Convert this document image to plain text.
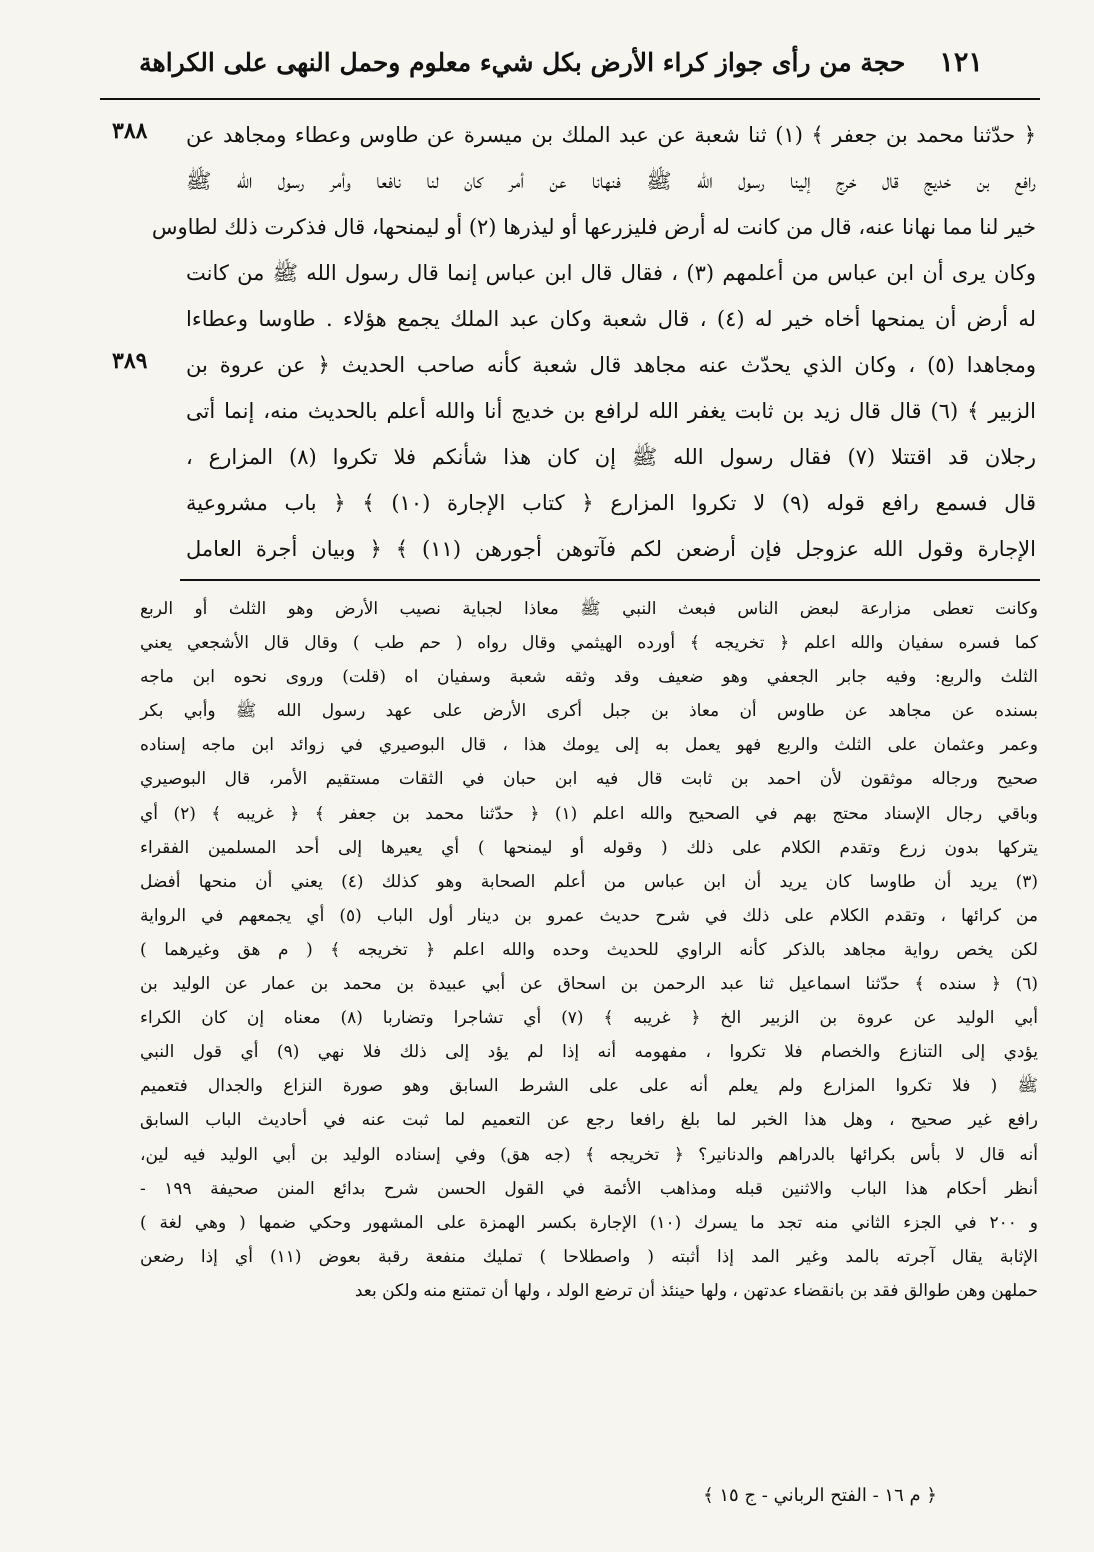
١٢١
حجة من رأى جواز كراء الأرض بكل شيء معلوم وحمل النهى على الكراهة
٣٨٨
٣٨٩
﴿ حدّثنا محمد بن جعفر ﴾ (١) ثنا شعبة عن عبد الملك بن ميسرة عن طاوس وعطاء ومجاهد عن
رافع بن خديج قال خرج إلينا رسول الله ﷺ فنهانا عن أمر كان لنا نافعا وأمر رسول الله ﷺ
خير لنا مما نهانا عنه، قال من كانت له أرض فليزرعها أو ليذرها (٢) أو ليمنحها، قال فذكرت ذلك لطاوس
وكان يرى أن ابن عباس من أعلمهم (٣) ، فقال قال ابن عباس إنما قال رسول الله ﷺ من كانت
له أرض أن يمنحها أخاه خير له (٤) ، قال شعبة وكان عبد الملك يجمع هؤلاء . طاوسا وعطاءا
ومجاهدا (٥) ، وكان الذي يحدّث عنه مجاهد قال شعبة كأنه صاحب الحديث ﴿ عن عروة بن
الزبير ﴾ (٦) قال قال زيد بن ثابت يغفر الله لرافع بن خديج أنا والله أعلم بالحديث منه، إنما أتى
رجلان قد اقتتلا (٧) فقال رسول الله ﷺ إن كان هذا شأنكم فلا تكروا (٨) المزارع ،
قال فسمع رافع قوله (٩) لا تكروا المزارع ﴿ كتاب الإجارة (١٠) ﴾ ﴿ باب مشروعية
الإجارة وقول الله عزوجل فإن أرضعن لكم فآتوهن أجورهن (١١) ﴾ ﴿ وبيان أجرة العامل
وكانت تعطى مزارعة لبعض الناس فبعث النبي ﷺ معاذا لجباية نصيب الأرض وهو الثلث أو الربع
كما فسره سفيان والله اعلم ﴿ تخريجه ﴾ أورده الهيثمي وقال رواه ( حم طب ) وقال قال الأشجعي يعني
الثلث والربع: وفيه جابر الجعفي وهو ضعيف وقد وثقه شعبة وسفيان اه (قلت) وروى نحوه ابن ماجه
بسنده عن مجاهد عن طاوس أن معاذ بن جبل أكرى الأرض على عهد رسول الله ﷺ وأبي بكر
وعمر وعثمان على الثلث والربع فهو يعمل به إلى يومك هذا ، قال البوصيري في زوائد ابن ماجه إسناده
صحيح ورجاله موثقون لأن احمد بن ثابت قال فيه ابن حبان في الثقات مستقيم الأمر، قال البوصيري
وباقي رجال الإسناد محتج بهم في الصحيح والله اعلم (١) ﴿ حدّثنا محمد بن جعفر ﴾ ﴿ غريبه ﴾ (٢) أي
يتركها بدون زرع وتقدم الكلام على ذلك ( وقوله أو ليمنحها ) أي يعيرها إلى أحد المسلمين الفقراء
(٣) يريد أن طاوسا كان يريد أن ابن عباس من أعلم الصحابة وهو كذلك (٤) يعني أن منحها أفضل
من كرائها ، وتقدم الكلام على ذلك في شرح حديث عمرو بن دينار أول الباب (٥) أي يجمعهم في الرواية
لكن يخص رواية مجاهد بالذكر كأنه الراوي للحديث وحده والله اعلم ﴿ تخريجه ﴾ ( م هق وغيرهما )
(٦) ﴿ سنده ﴾ حدّثنا اسماعيل ثنا عبد الرحمن بن اسحاق عن أبي عبيدة بن محمد بن عمار عن الوليد بن
أبي الوليد عن عروة بن الزبير الخ ﴿ غريبه ﴾ (٧) أي تشاجرا وتضاربا (٨) معناه إن كان الكراء
يؤدي إلى التنازع والخصام فلا تكروا ، مفهومه أنه إذا لم يؤد إلى ذلك فلا نهي (٩) أي قول النبي
ﷺ ( فلا تكروا المزارع ولم يعلم أنه على على الشرط السابق وهو صورة النزاع والجدال فتعميم
رافع غير صحيح ، وهل هذا الخبر لما بلغ رافعا رجع عن التعميم لما ثبت عنه في أحاديث الباب السابق
أنه قال لا بأس بكرائها بالدراهم والدنانير؟ ﴿ تخريجه ﴾ (جه هق) وفي إسناده الوليد بن أبي الوليد فيه لين،
أنظر أحكام هذا الباب والاثنين قبله ومذاهب الأئمة في القول الحسن شرح بدائع المنن صحيفة ١٩٩ -
و ٢٠٠ في الجزء الثاني منه تجد ما يسرك (١٠) الإجارة بكسر الهمزة على المشهور وحكي ضمها ( وهي لغة )
الإثابة يقال آجرته بالمد وغير المد إذا أثبته ( واصطلاحا ) تمليك منفعة رقبة بعوض (١١) أي إذا رضعن
حملهن وهن طوالق فقد بن بانقضاء عدتهن ، ولها حينئذ أن ترضع الولد ، ولها أن تمتنع منه ولكن بعد
﴿ م ١٦ - الفتح الرباني - ج ١٥ ﴾
